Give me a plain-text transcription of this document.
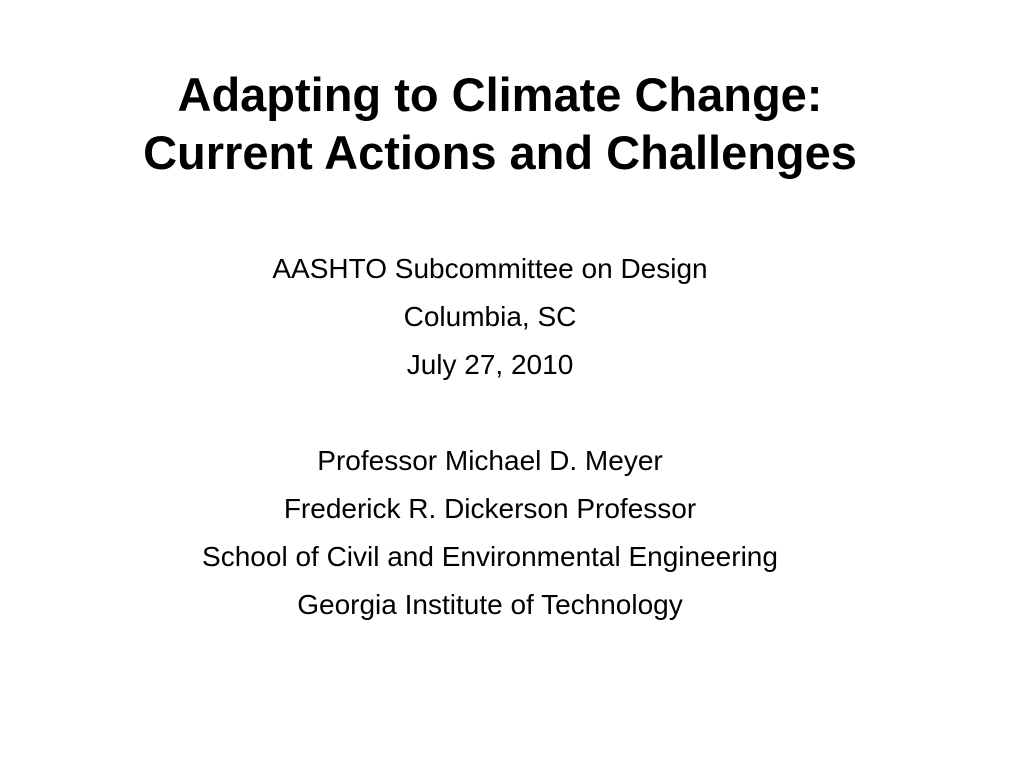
Adapting to Climate Change:
Current Actions and Challenges
AASHTO Subcommittee on Design
Columbia, SC
July 27, 2010
Professor Michael D. Meyer
Frederick R. Dickerson Professor
School of Civil and Environmental Engineering
Georgia Institute of Technology
